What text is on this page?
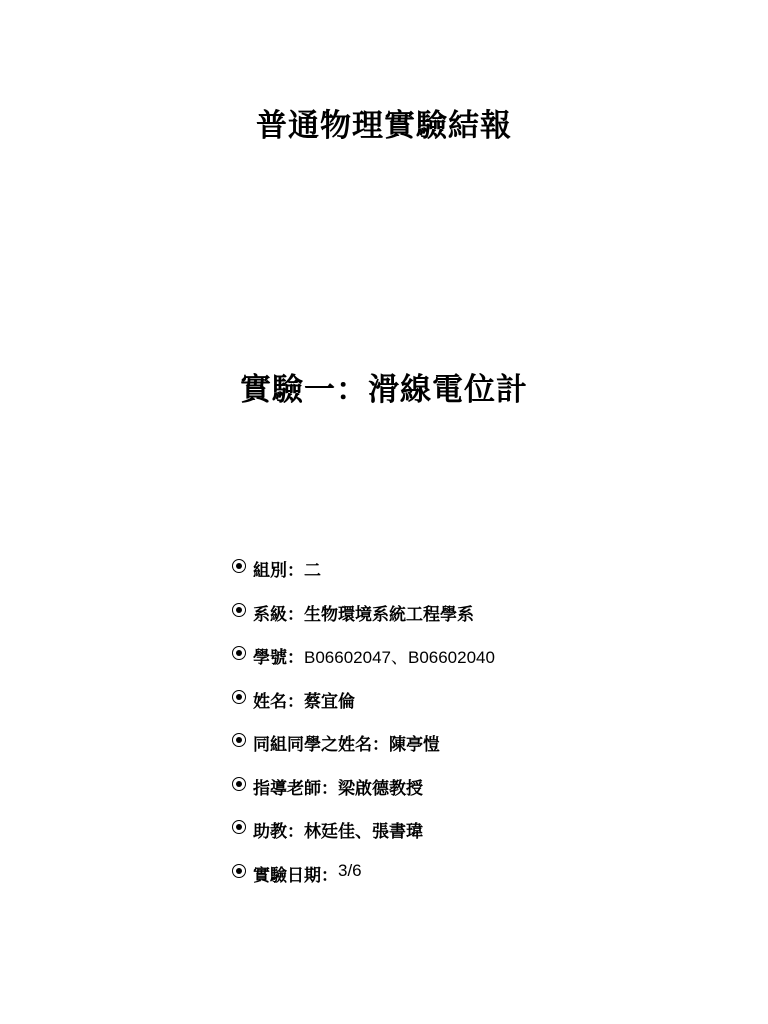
普通物理實驗結報
實驗一：滑線電位計
組別： 二
系級： 生物環境系統工程學系
學號： B06602047、B06602040
姓名： 蔡宜倫
同組同學之姓名： 陳亭愷
指導老師： 梁啟德教授
助教： 林廷佳、張書瑋
實驗日期： 3/6
